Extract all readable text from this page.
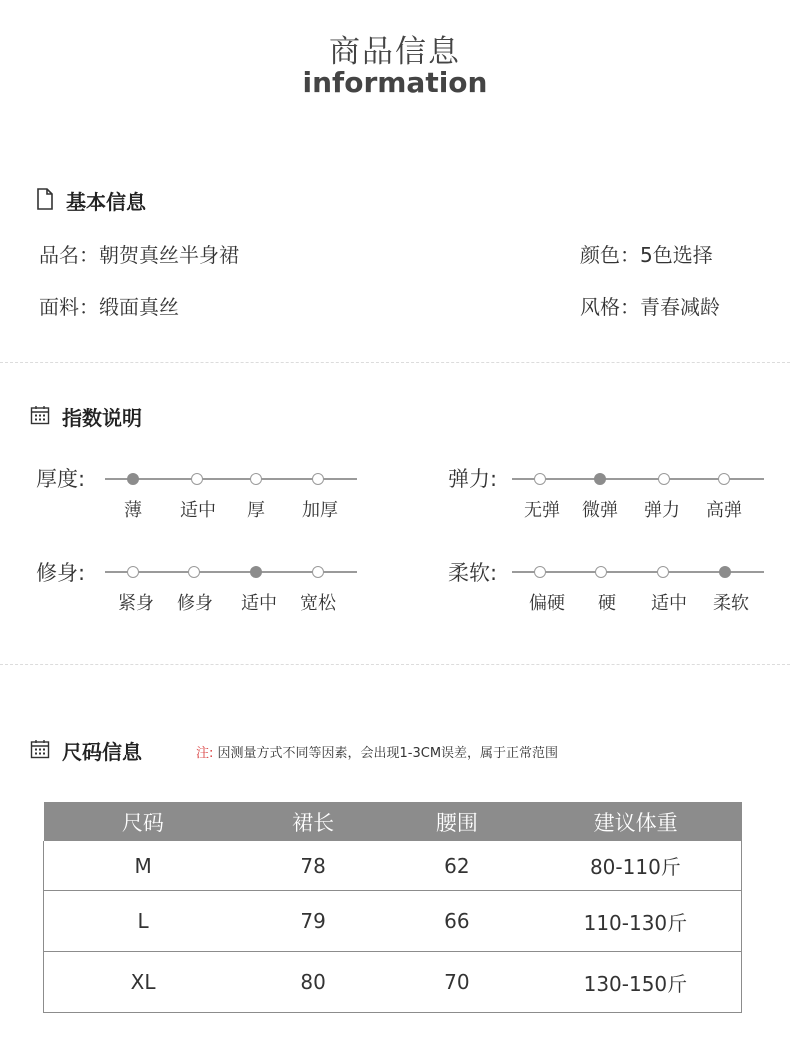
商品信息
information
基本信息
品名：朝贺真丝半身裙	颜色：5色选择
面料：缎面真丝	风格：青春减龄
指数说明
厚度:
薄 适中 厚 加厚
弹力:
无弹 微弹 弹力 高弹
修身:
紧身 修身 适中 宽松
柔软:
偏硬 硬 适中 柔软
尺码信息	注: 因测量方式不同等因素，会出现1-3CM误差，属于正常范围
尺码	裙长	腰围	建议体重
M	78	62	80-110斤
L	79	66	110-130斤
XL	80	70	130-150斤
